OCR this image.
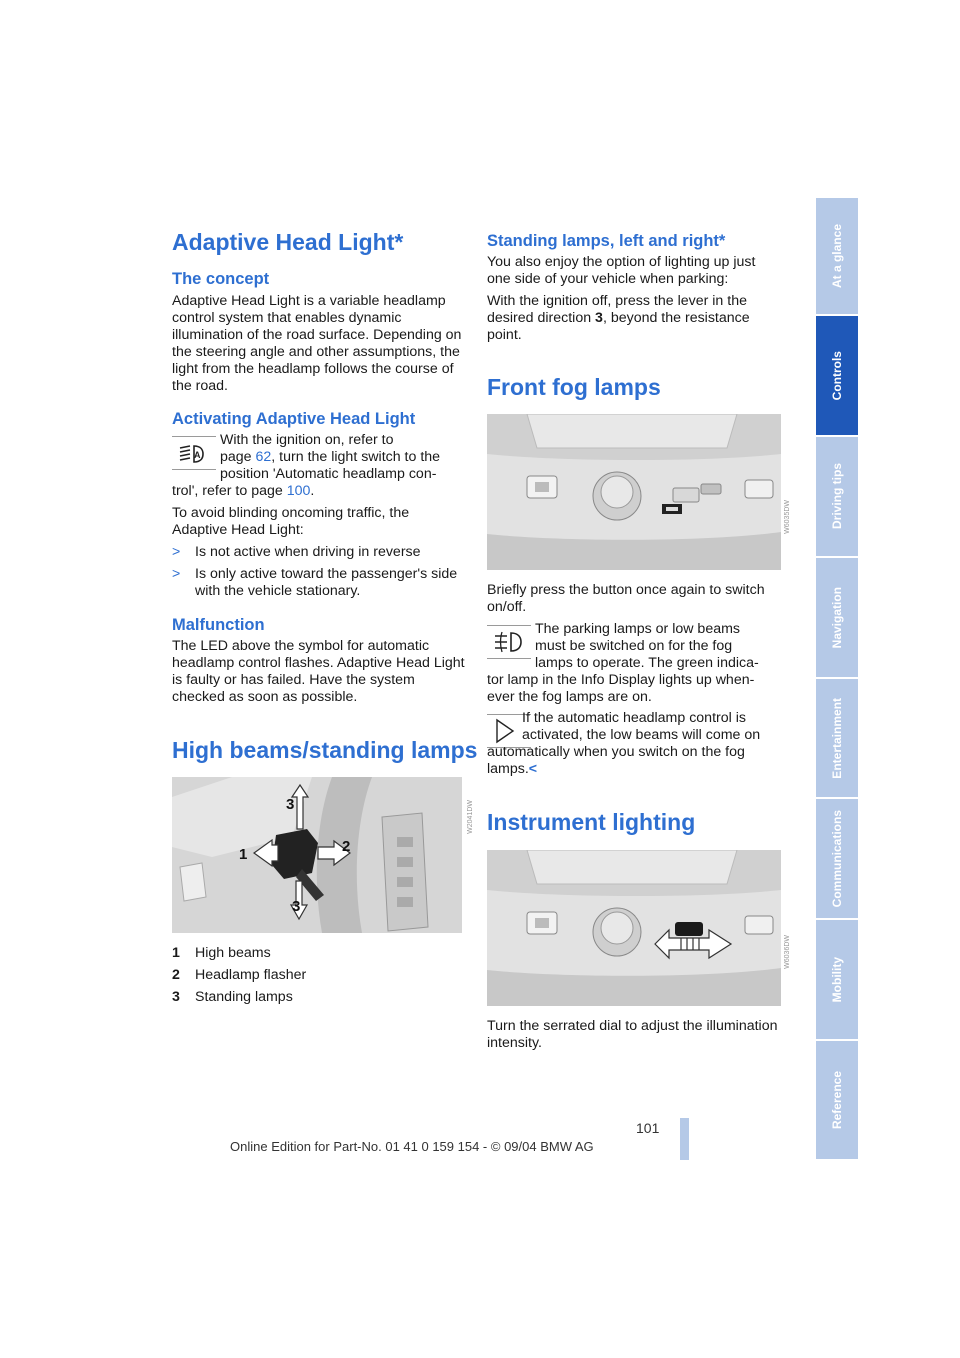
At a glance
Controls
Driving tips
Navigation
Entertainment
Communications
Mobility
Reference
Adaptive Head Light*
The concept

Adaptive Head Light is a variable headlamp control system that enables dynamic illumination of the road surface. Depending on the steering angle and other assumptions, the light from the headlamp follows the course of the road.

Activating Adaptive Head Light
A
With the ignition on, refer to
page 62, turn the light switch to the
position 'Automatic headlamp con-
trol', refer to page 100.

To avoid blinding oncoming traffic, the Adaptive Head Light:

> Is not active when driving in reverse
> Is only active toward the passenger's side with the vehicle stationary.
Malfunction

The LED above the symbol for automatic headlamp control flashes. Adaptive Head Light is faulty or has failed. Have the system checked as soon as possible.

High beams/standing lamps
1	2
3
3
W2041DW
1 High beams
2 Headlamp flasher
3 Standing lamps
Standing lamps, left and right*

You also enjoy the option of lighting up just one side of your vehicle when parking:

With the ignition off, press the lever in the desired direction 3, beyond the resistance point.

Front fog lamps
W6035DW

Briefly press the button once again to switch on/off.

The parking lamps or low beams
must be switched on for the fog
lamps to operate. The green indica-
tor lamp in the Info Display lights up when-
ever the fog lamps are on.
If the automatic headlamp control is
activated, the low beams will come on
automatically when you switch on the fog
lamps.<
Instrument lighting
W6036DW

Turn the serrated dial to adjust the illumination intensity.

101
Online Edition for Part-No. 01 41 0 159 154 - © 09/04 BMW AG
